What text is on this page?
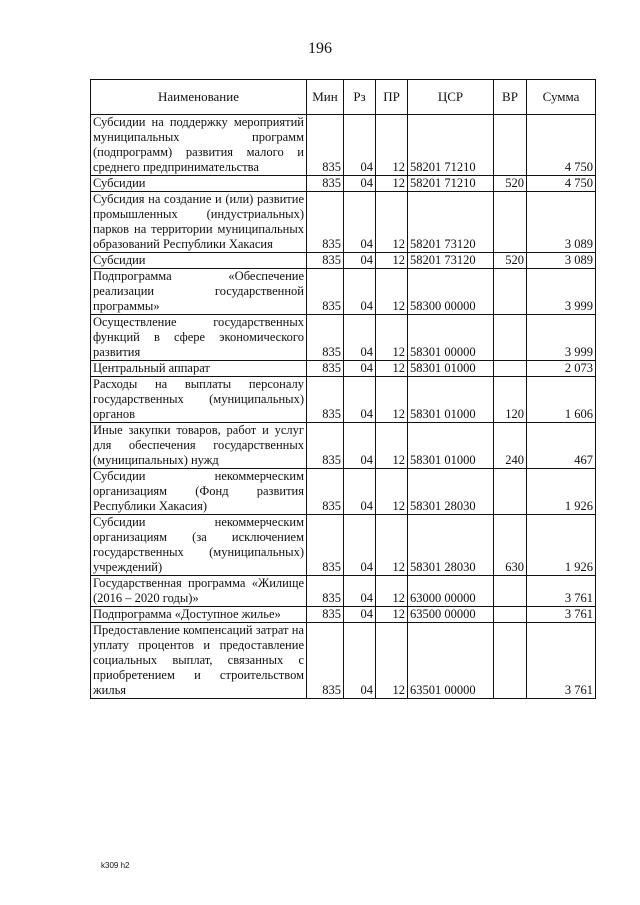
196
Наименование	Мин	Рз	ПР	ЦСР	ВР	Сумма
Субсидии на поддержку мероприятий муниципальных программ (подпрограмм) развития малого и среднего предпринимательства	835	04	12	58201 71210		4 750
Субсидии	835	04	12	58201 71210	520	4 750
Субсидия на создание и (или) развитие промышленных (индустриальных) парков на территории муниципальных образований Республики Хакасия	835	04	12	58201 73120		3 089
Субсидии	835	04	12	58201 73120	520	3 089
Подпрограмма «Обеспечение реализации государственной программы»	835	04	12	58300 00000		3 999
Осуществление государственных функций в сфере экономического развития	835	04	12	58301 00000		3 999
Центральный аппарат	835	04	12	58301 01000		2 073
Расходы на выплаты персоналу государственных (муниципальных) органов	835	04	12	58301 01000	120	1 606
Иные закупки товаров, работ и услуг для обеспечения государственных (муниципальных) нужд	835	04	12	58301 01000	240	467
Субсидии некоммерческим организациям (Фонд развития Республики Хакасия)	835	04	12	58301 28030		1 926
Субсидии некоммерческим организациям (за исключением государственных (муниципальных) учреждений)	835	04	12	58301 28030	630	1 926
Государственная программа «Жилище (2016 – 2020 годы)»	835	04	12	63000 00000		3 761
Подпрограмма «Доступное жилье»	835	04	12	63500 00000		3 761
Предоставление компенсаций затрат на уплату процентов и предоставление социальных выплат, связанных с приобретением и строительством жилья	835	04	12	63501 00000		3 761
k309 h2
